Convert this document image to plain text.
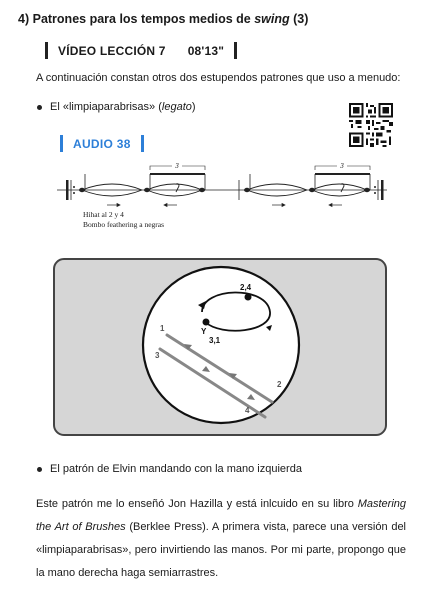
4) Patrones para los tempos medios de swing (3)
VÍDEO LECCIÓN 7 08'13"
A continuación constan otros dos estupendos patrones que uso a menudo:
El «limpiaparabrisas» (legato)
AUDIO 38
3	3
Hihat al 2 y 4
Bombo feathering a negras
2,4
Y
3,1
1
3
2
4
El patrón de Elvin mandando con la mano izquierda
Este patrón me lo enseñó Jon Hazilla y está inlcuido en su libro Mastering the Art of Brushes (Berklee Press). A primera vista, parece una versión del «limpiaparabrisas», pero invirtiendo las manos. Por mi parte, propongo que la mano derecha haga semiarrastres.
